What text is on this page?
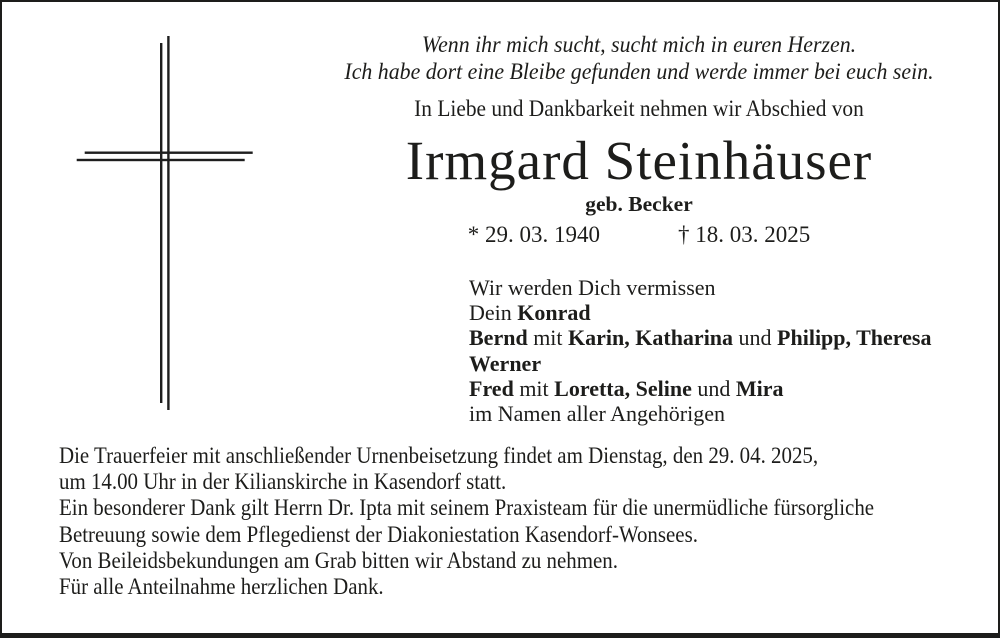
Wenn ihr mich sucht, sucht mich in euren Herzen.
Ich habe dort eine Bleibe gefunden und werde immer bei euch sein.
In Liebe und Dankbarkeit nehmen wir Abschied von
Irmgard Steinhäuser
geb. Becker
* 29. 03. 1940	† 18. 03. 2025
Wir werden Dich vermissen
Dein Konrad
Bernd mit Karin, Katharina und Philipp, Theresa
Werner
Fred mit Loretta, Seline und Mira
im Namen aller Angehörigen
Die Trauerfeier mit anschließender Urnenbeisetzung findet am Dienstag, den 29. 04. 2025,
um 14.00 Uhr in der Kilianskirche in Kasendorf statt.
Ein besonderer Dank gilt Herrn Dr. Ipta mit seinem Praxisteam für die unermüdliche fürsorgliche
Betreuung sowie dem Pflegedienst der Diakoniestation Kasendorf-Wonsees.
Von Beileidsbekundungen am Grab bitten wir Abstand zu nehmen.
Für alle Anteilnahme herzlichen Dank.
